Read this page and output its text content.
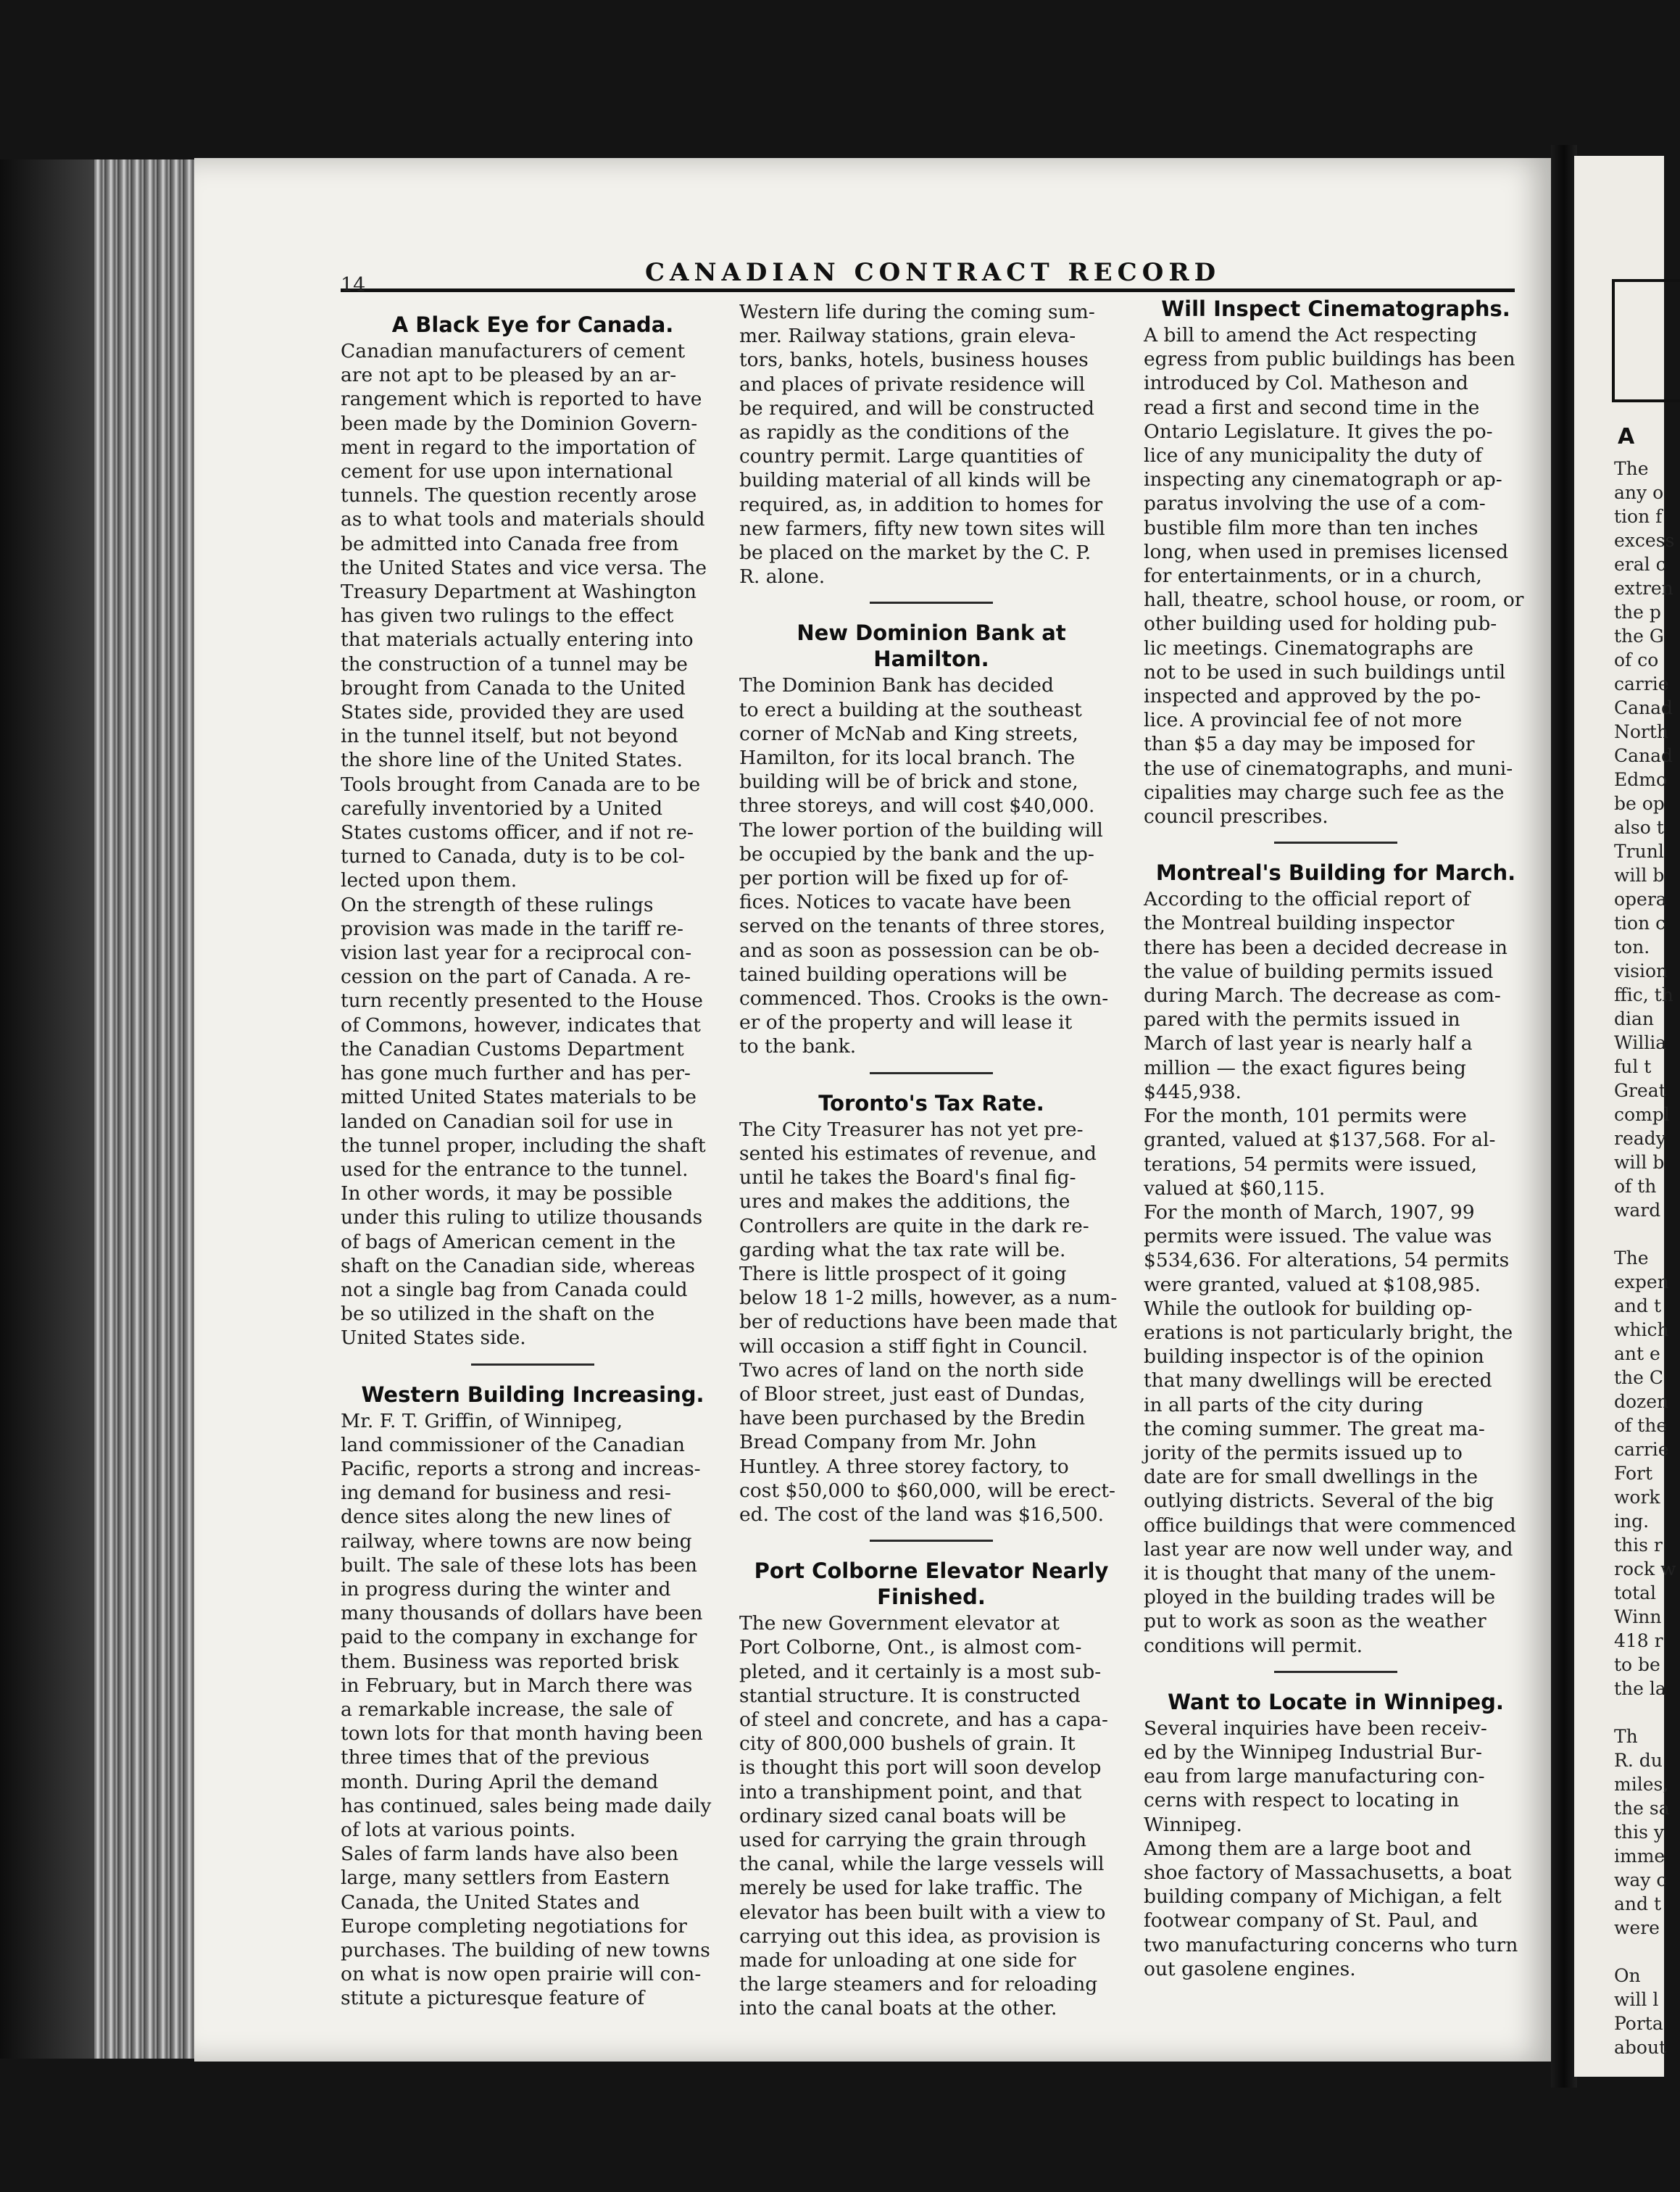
A
The
any o
tion f
excess
eral c
extren
the p
the G
of co
carrie
Canad
North
Canad
Edmo
be op
also t
Trunl
will b
opera
tion c
ton.
vision
ffic, th
dian
Willia
ful t
Great
compl
ready
will b
of th
ward

The
expen
and t
which
ant e
the C
dozen
of the
carrie
Fort
work
ing.
this r
rock w
total
Winn
418 r
to be
the la

Th
R. du
miles,
the sa
this y
imme
way c
and t
were

On
will l
Porta
about
14	CANADIAN CONTRACT RECORD
A Black Eye for Canada.

Canadian manufacturers of cement
are not apt to be pleased by an ar-
rangement which is reported to have
been made by the Dominion Govern-
ment in regard to the importation of
cement for use upon international
tunnels. The question recently arose
as to what tools and materials should
be admitted into Canada free from
the United States and vice versa. The
Treasury Department at Washington
has given two rulings to the effect
that materials actually entering into
the construction of a tunnel may be
brought from Canada to the United
States side, provided they are used
in the tunnel itself, but not beyond
the shore line of the United States.
Tools brought from Canada are to be
carefully inventoried by a United
States customs officer, and if not re-
turned to Canada, duty is to be col-
lected upon them.

On the strength of these rulings
provision was made in the tariff re-
vision last year for a reciprocal con-
cession on the part of Canada. A re-
turn recently presented to the House
of Commons, however, indicates that
the Canadian Customs Department
has gone much further and has per-
mitted United States materials to be
landed on Canadian soil for use in
the tunnel proper, including the shaft
used for the entrance to the tunnel.
In other words, it may be possible
under this ruling to utilize thousands
of bags of American cement in the
shaft on the Canadian side, whereas
not a single bag from Canada could
be so utilized in the shaft on the
United States side.

Western Building Increasing.

Mr. F. T. Griffin, of Winnipeg,
land commissioner of the Canadian
Pacific, reports a strong and increas-
ing demand for business and resi-
dence sites along the new lines of
railway, where towns are now being
built. The sale of these lots has been
in progress during the winter and
many thousands of dollars have been
paid to the company in exchange for
them. Business was reported brisk
in February, but in March there was
a remarkable increase, the sale of
town lots for that month having been
three times that of the previous
month. During April the demand
has continued, sales being made daily
of lots at various points.

Sales of farm lands have also been
large, many settlers from Eastern
Canada, the United States and
Europe completing negotiations for
purchases. The building of new towns
on what is now open prairie will con-
stitute a picturesque feature of

Western life during the coming sum-
mer. Railway stations, grain eleva-
tors, banks, hotels, business houses
and places of private residence will
be required, and will be constructed
as rapidly as the conditions of the
country permit. Large quantities of
building material of all kinds will be
required, as, in addition to homes for
new farmers, fifty new town sites will
be placed on the market by the C. P.
R. alone.

New Dominion Bank at
Hamilton.

The Dominion Bank has decided
to erect a building at the southeast
corner of McNab and King streets,
Hamilton, for its local branch. The
building will be of brick and stone,
three storeys, and will cost $40,000.
The lower portion of the building will
be occupied by the bank and the up-
per portion will be fixed up for of-
fices. Notices to vacate have been
served on the tenants of three stores,
and as soon as possession can be ob-
tained building operations will be
commenced. Thos. Crooks is the own-
er of the property and will lease it
to the bank.

Toronto's Tax Rate.

The City Treasurer has not yet pre-
sented his estimates of revenue, and
until he takes the Board's final fig-
ures and makes the additions, the
Controllers are quite in the dark re-
garding what the tax rate will be.
There is little prospect of it going
below 18 1-2 mills, however, as a num-
ber of reductions have been made that
will occasion a stiff fight in Council.

Two acres of land on the north side
of Bloor street, just east of Dundas,
have been purchased by the Bredin
Bread Company from Mr. John
Huntley. A three storey factory, to
cost $50,000 to $60,000, will be erect-
ed. The cost of the land was $16,500.

Port Colborne Elevator Nearly
Finished.

The new Government elevator at
Port Colborne, Ont., is almost com-
pleted, and it certainly is a most sub-
stantial structure. It is constructed
of steel and concrete, and has a capa-
city of 800,000 bushels of grain. It
is thought this port will soon develop
into a transhipment point, and that
ordinary sized canal boats will be
used for carrying the grain through
the canal, while the large vessels will
merely be used for lake traffic. The
elevator has been built with a view to
carrying out this idea, as provision is
made for unloading at one side for
the large steamers and for reloading
into the canal boats at the other.

Will Inspect Cinematographs.

A bill to amend the Act respecting
egress from public buildings has been
introduced by Col. Matheson and
read a first and second time in the
Ontario Legislature. It gives the po-
lice of any municipality the duty of
inspecting any cinematograph or ap-
paratus involving the use of a com-
bustible film more than ten inches
long, when used in premises licensed
for entertainments, or in a church,
hall, theatre, school house, or room, or
other building used for holding pub-
lic meetings. Cinematographs are
not to be used in such buildings until
inspected and approved by the po-
lice. A provincial fee of not more
than $5 a day may be imposed for
the use of cinematographs, and muni-
cipalities may charge such fee as the
council prescribes.

Montreal's Building for March.

According to the official report of
the Montreal building inspector
there has been a decided decrease in
the value of building permits issued
during March. The decrease as com-
pared with the permits issued in
March of last year is nearly half a
million — the exact figures being
$445,938.

For the month, 101 permits were
granted, valued at $137,568. For al-
terations, 54 permits were issued,
valued at $60,115.

For the month of March, 1907, 99
permits were issued. The value was
$534,636. For alterations, 54 permits
were granted, valued at $108,985.

While the outlook for building op-
erations is not particularly bright, the
building inspector is of the opinion
that many dwellings will be erected
in all parts of the city during
the coming summer. The great ma-
jority of the permits issued up to
date are for small dwellings in the
outlying districts. Several of the big
office buildings that were commenced
last year are now well under way, and
it is thought that many of the unem-
ployed in the building trades will be
put to work as soon as the weather
conditions will permit.

Want to Locate in Winnipeg.

Several inquiries have been receiv-
ed by the Winnipeg Industrial Bur-
eau from large manufacturing con-
cerns with respect to locating in
Winnipeg.

Among them are a large boot and
shoe factory of Massachusetts, a boat
building company of Michigan, a felt
footwear company of St. Paul, and
two manufacturing concerns who turn
out gasolene engines.
